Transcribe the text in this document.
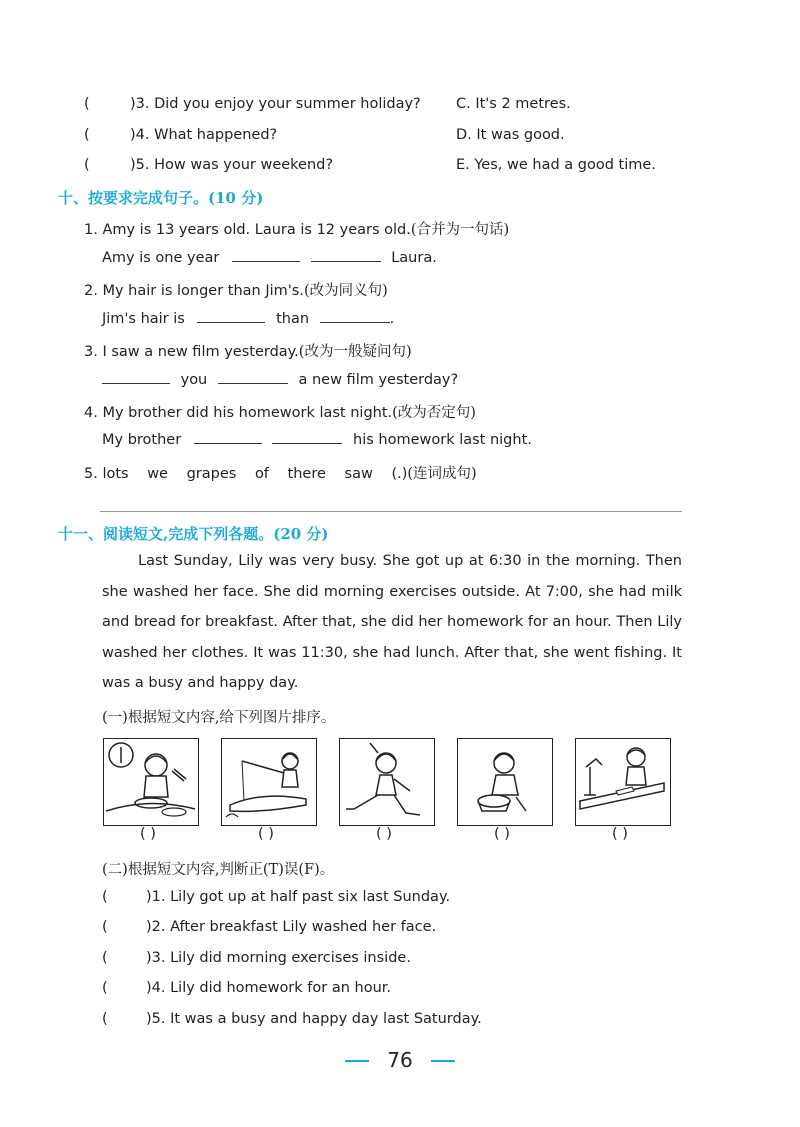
(	)3. Did you enjoy your summer holiday? C. It's 2 metres.
(	)4. What happened?	D. It was good.
(	)5. How was your weekend?	E. Yes, we had a good time.
十、按要求完成句子。(10 分)
1. Amy is 13 years old. Laura is 12 years old.(合并为一句话)
Amy is one year	Laura.
2. My hair is longer than Jim's.(改为同义句)
Jim's hair is	than	.
3. I saw a new film yesterday.(改为一般疑问句)
you	a new film yesterday?
4. My brother did his homework last night.(改为否定句)
My brother	his homework last night.
5. lots we grapes of there saw (.)(连词成句)
十一、阅读短文,完成下列各题。(20 分)
Last Sunday, Lily was very busy. She got up at 6:30 in the morning. Then she washed her face. She did morning exercises outside. At 7:00, she had milk and bread for breakfast. After that, she did her homework for an hour. Then Lily washed her clothes. It was 11:30, she had lunch. After that, she went fishing. It was a busy and happy day.
(一)根据短文内容,给下列图片排序。
( )	( )	( )	( )	( )
(二)根据短文内容,判断正(T)误(F)。
(	)1. Lily got up at half past six last Sunday.
(	)2. After breakfast Lily washed her face.
(	)3. Lily did morning exercises inside.
(	)4. Lily did homework for an hour.
(	)5. It was a busy and happy day last Saturday.
76
